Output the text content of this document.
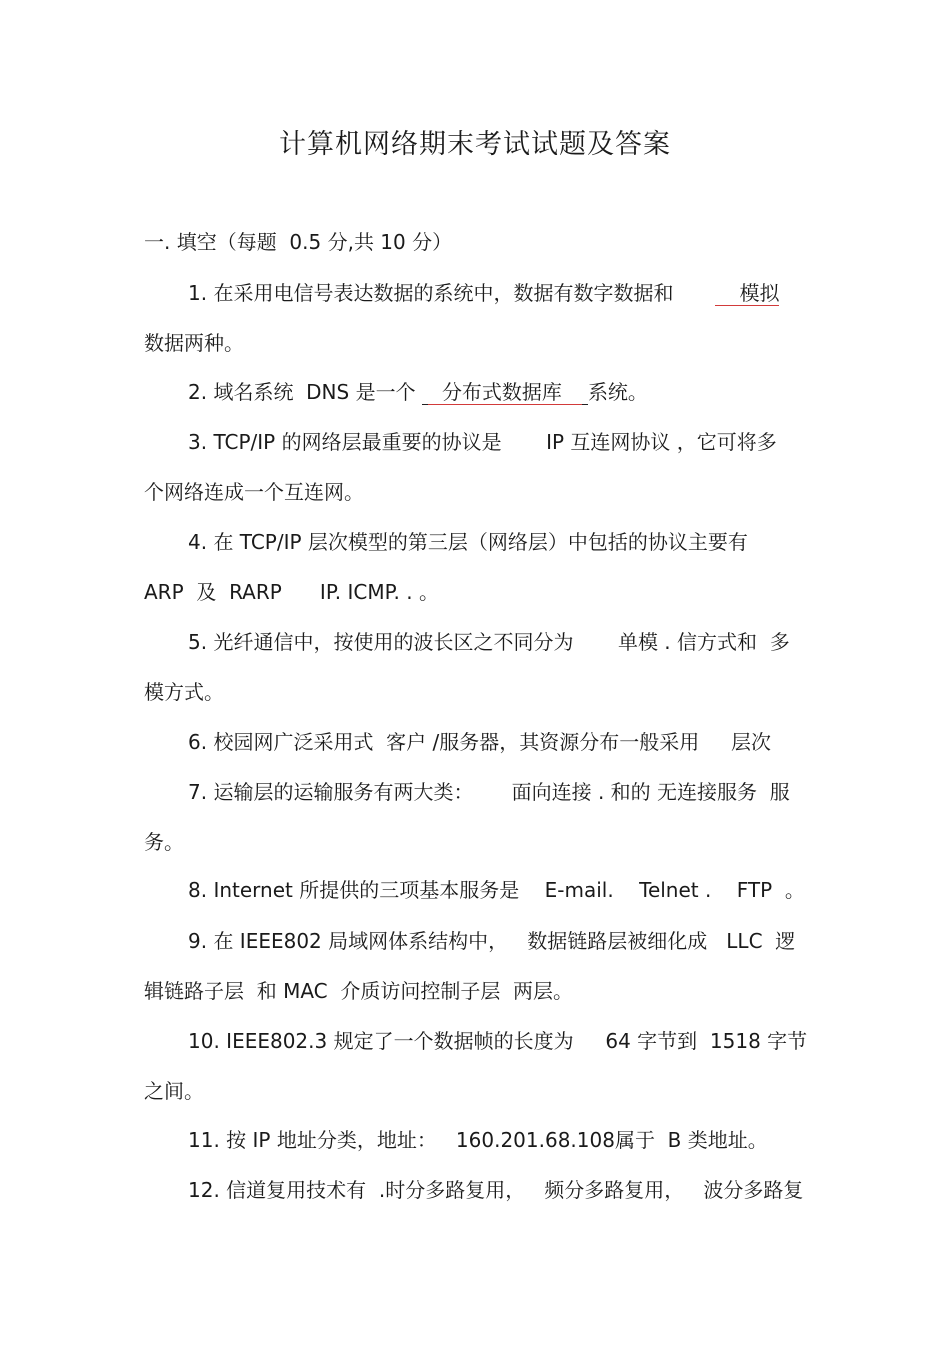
计算机网络期末考试试题及答案
一. 填空（每题  0.5 分,共 10 分）
1. 在采用电信号表达数据的系统中，数据有数字数据和	模拟
数据两种。
2. 域名系统  DNS 是一个 分布式数据库 系统。
3. TCP/IP 的网络层最重要的协议是       IP 互连网协议 ，它可将多
个网络连成一个互连网。
4. 在 TCP/IP 层次模型的第三层（网络层）中包括的协议主要有
ARP  及  RARP      IP. ICMP. . 。
5. 光纤通信中，按使用的波长区之不同分为       单模 . 信方式和  多
模方式。
6. 校园网广泛采用式  客户 /服务器，其资源分布一般采用     层次
7. 运输层的运输服务有两大类：      面向连接 . 和的 无连接服务  服
务。
8. Internet 所提供的三项基本服务是    E-mail.    Telnet .    FTP  。
9. 在 IEEE802 局域网体系结构中，   数据链路层被细化成   LLC  逻
辑链路子层  和 MAC  介质访问控制子层  两层。
10. IEEE802.3 规定了一个数据帧的长度为     64 字节到  1518 字节
之间。
11. 按 IP 地址分类，地址：   160.201.68.108属于  B 类地址。
12. 信道复用技术有  .时分多路复用，   频分多路复用，   波分多路复
